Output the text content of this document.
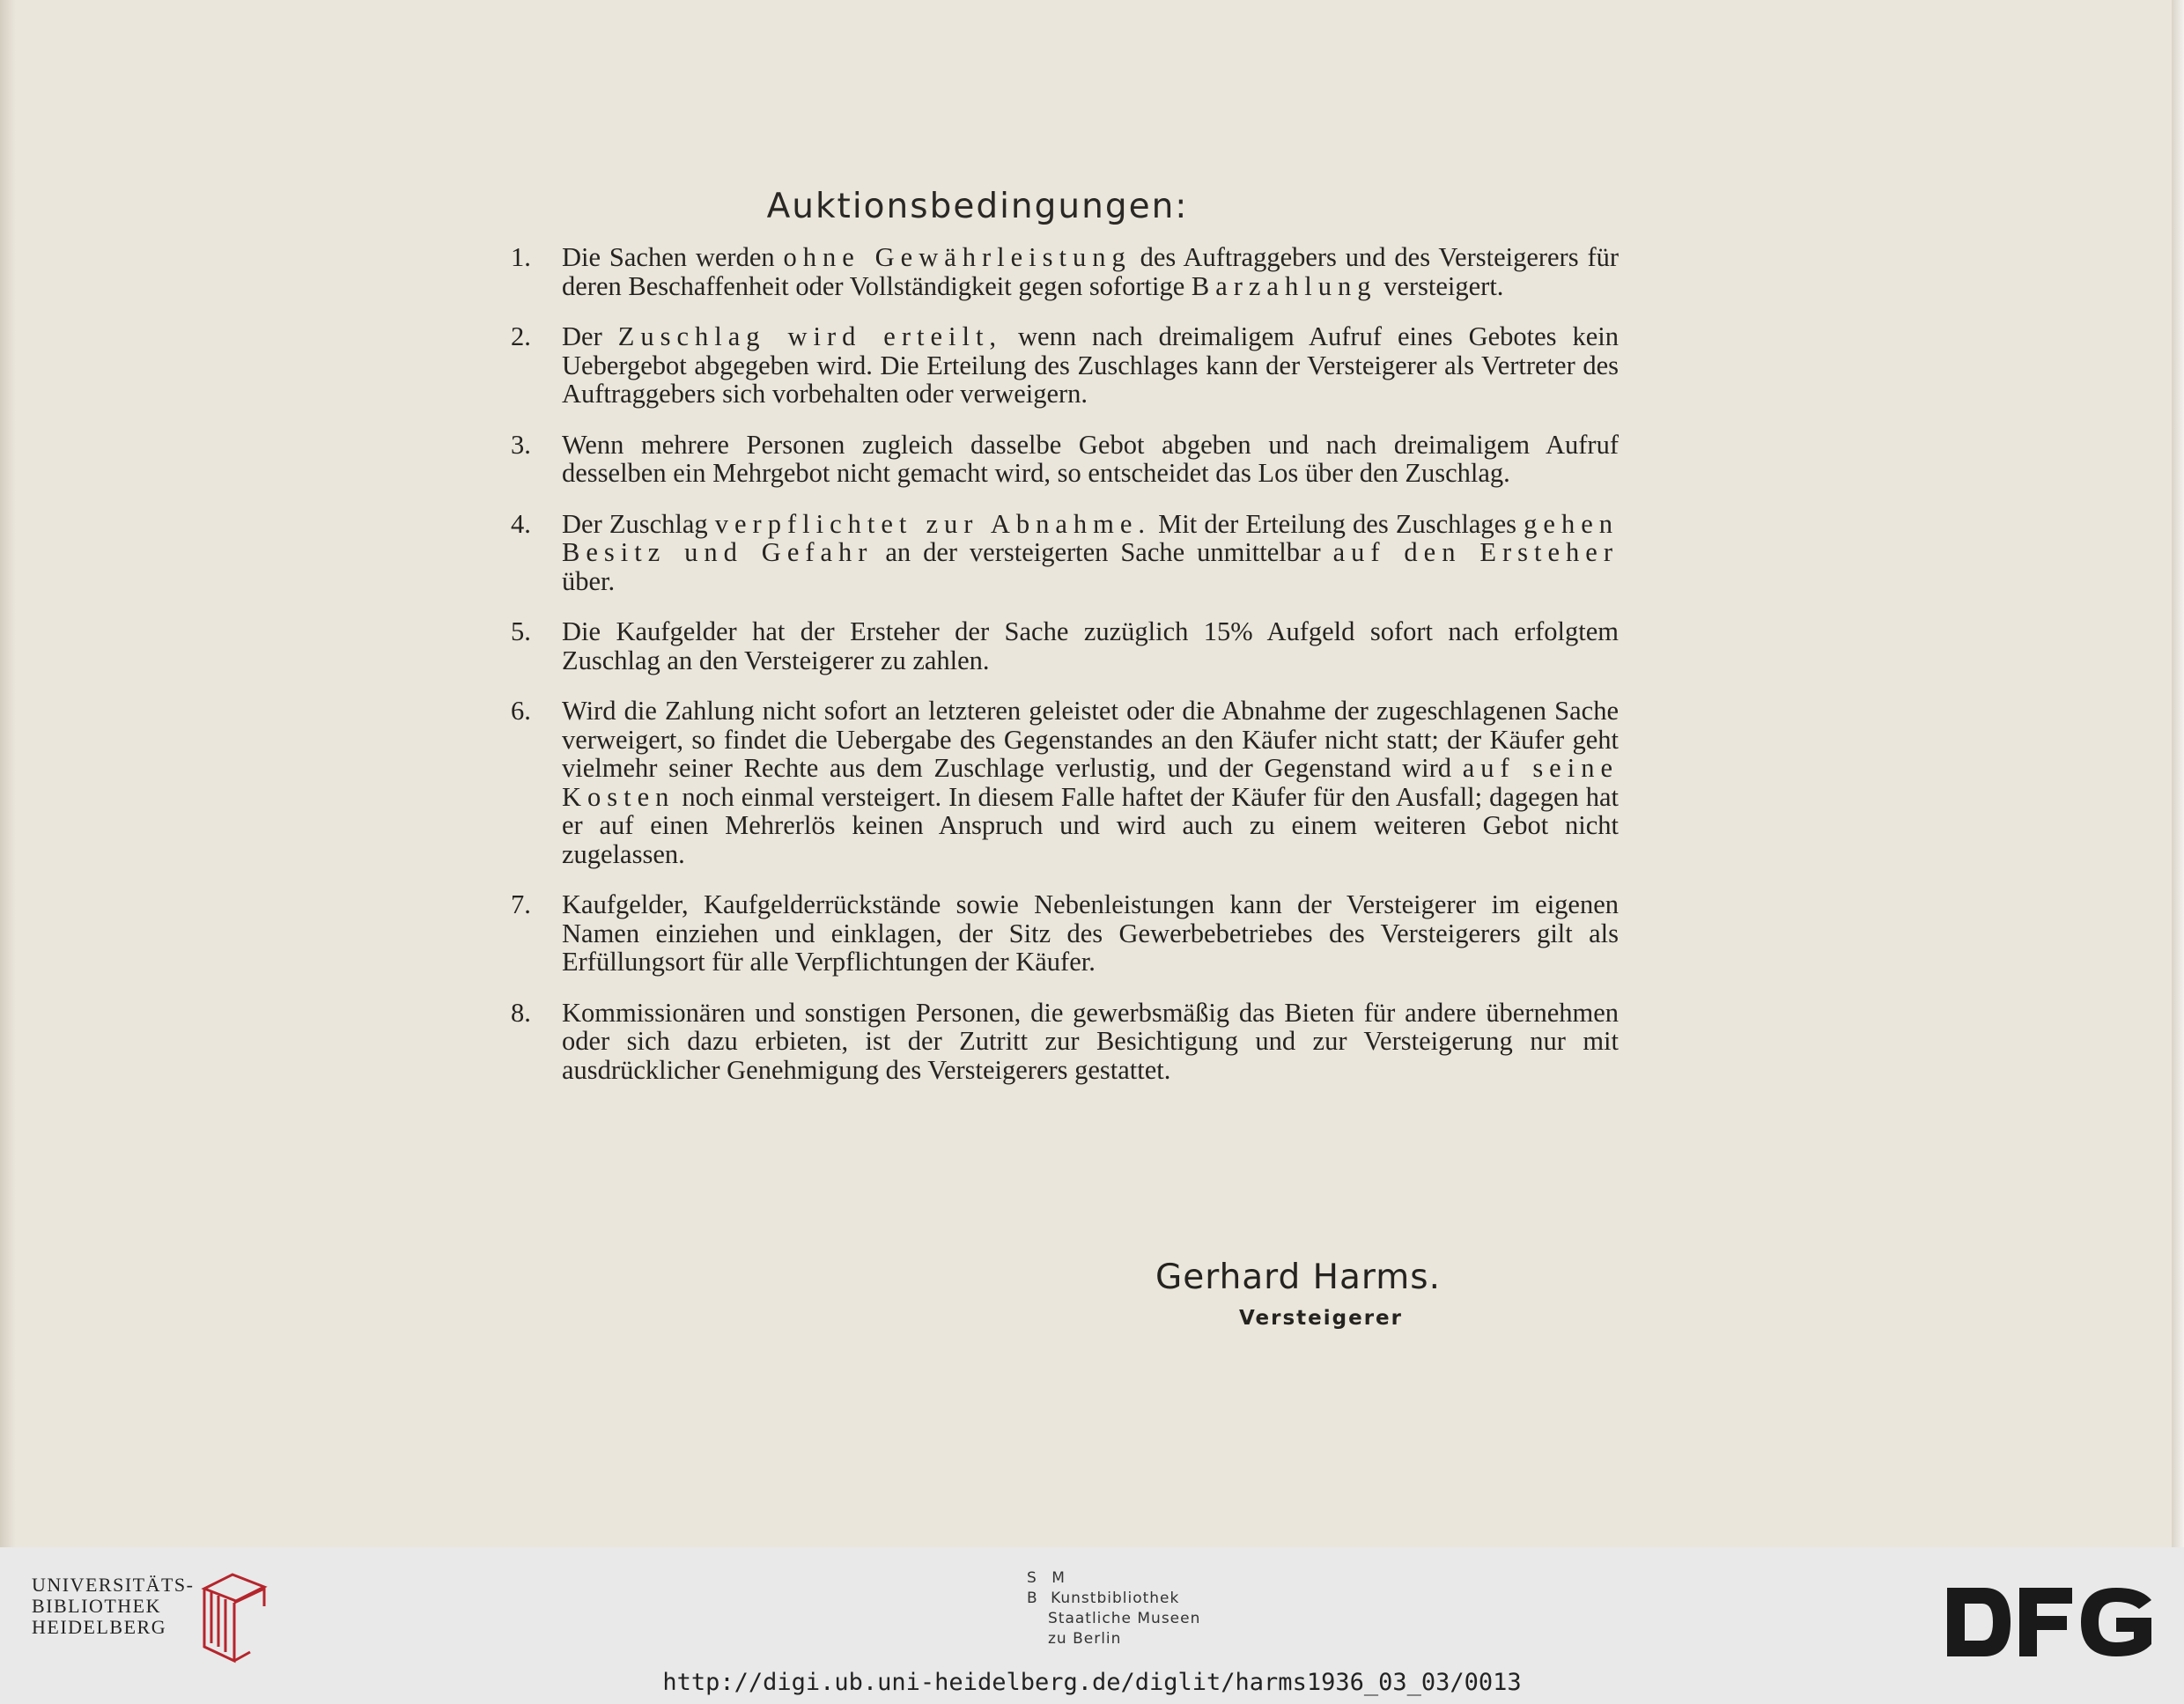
Auktionsbedingungen:
1.	Die Sachen werden ohne Gewährleistung des Auftraggebers und des Versteigerers für deren Beschaffenheit oder Vollständigkeit gegen sofortige Barzahlung versteigert.
2.	Der Zuschlag wird erteilt, wenn nach dreimaligem Aufruf eines Gebotes kein Uebergebot abgegeben wird. Die Erteilung des Zuschlages kann der Versteigerer als Vertreter des Auftraggebers sich vorbehalten oder verweigern.
3.	Wenn mehrere Personen zugleich dasselbe Gebot abgeben und nach dreimaligem Aufruf desselben ein Mehrgebot nicht gemacht wird, so entscheidet das Los über den Zuschlag.
4.	Der Zuschlag verpflichtet zur Abnahme. Mit der Erteilung des Zuschlages gehen Besitz und Gefahr an der versteigerten Sache unmittelbar auf den Ersteher über.
5.	Die Kaufgelder hat der Ersteher der Sache zuzüglich 15% Aufgeld sofort nach erfolgtem Zuschlag an den Versteigerer zu zahlen.
6.	Wird die Zahlung nicht sofort an letzteren geleistet oder die Abnahme der zugeschlagenen Sache verweigert, so findet die Uebergabe des Gegenstandes an den Käufer nicht statt; der Käufer geht vielmehr seiner Rechte aus dem Zuschlage verlustig, und der Gegenstand wird auf seine Kosten noch einmal versteigert. In diesem Falle haftet der Käufer für den Ausfall; dagegen hat er auf einen Mehrerlös keinen Anspruch und wird auch zu einem weiteren Gebot nicht zugelassen.
7.	Kaufgelder, Kaufgelderrückstände sowie Nebenleistungen kann der Versteigerer im eigenen Namen einziehen und einklagen, der Sitz des Gewerbebetriebes des Versteigerers gilt als Erfüllungsort für alle Verpflichtungen der Käufer.
8.	Kommissionären und sonstigen Personen, die gewerbsmäßig das Bieten für andere übernehmen oder sich dazu erbieten, ist der Zutritt zur Besichtigung und zur Versteigerung nur mit ausdrücklicher Genehmigung des Versteigerers gestattet.
Gerhard Harms.
Versteigerer
UNIVERSITÄTS-
BIBLIOTHEK
HEIDELBERG
S M
B Kunstbibliothek
Staatliche Museen
zu Berlin
http://digi.ub.uni-heidelberg.de/diglit/harms1936_03_03/0013
